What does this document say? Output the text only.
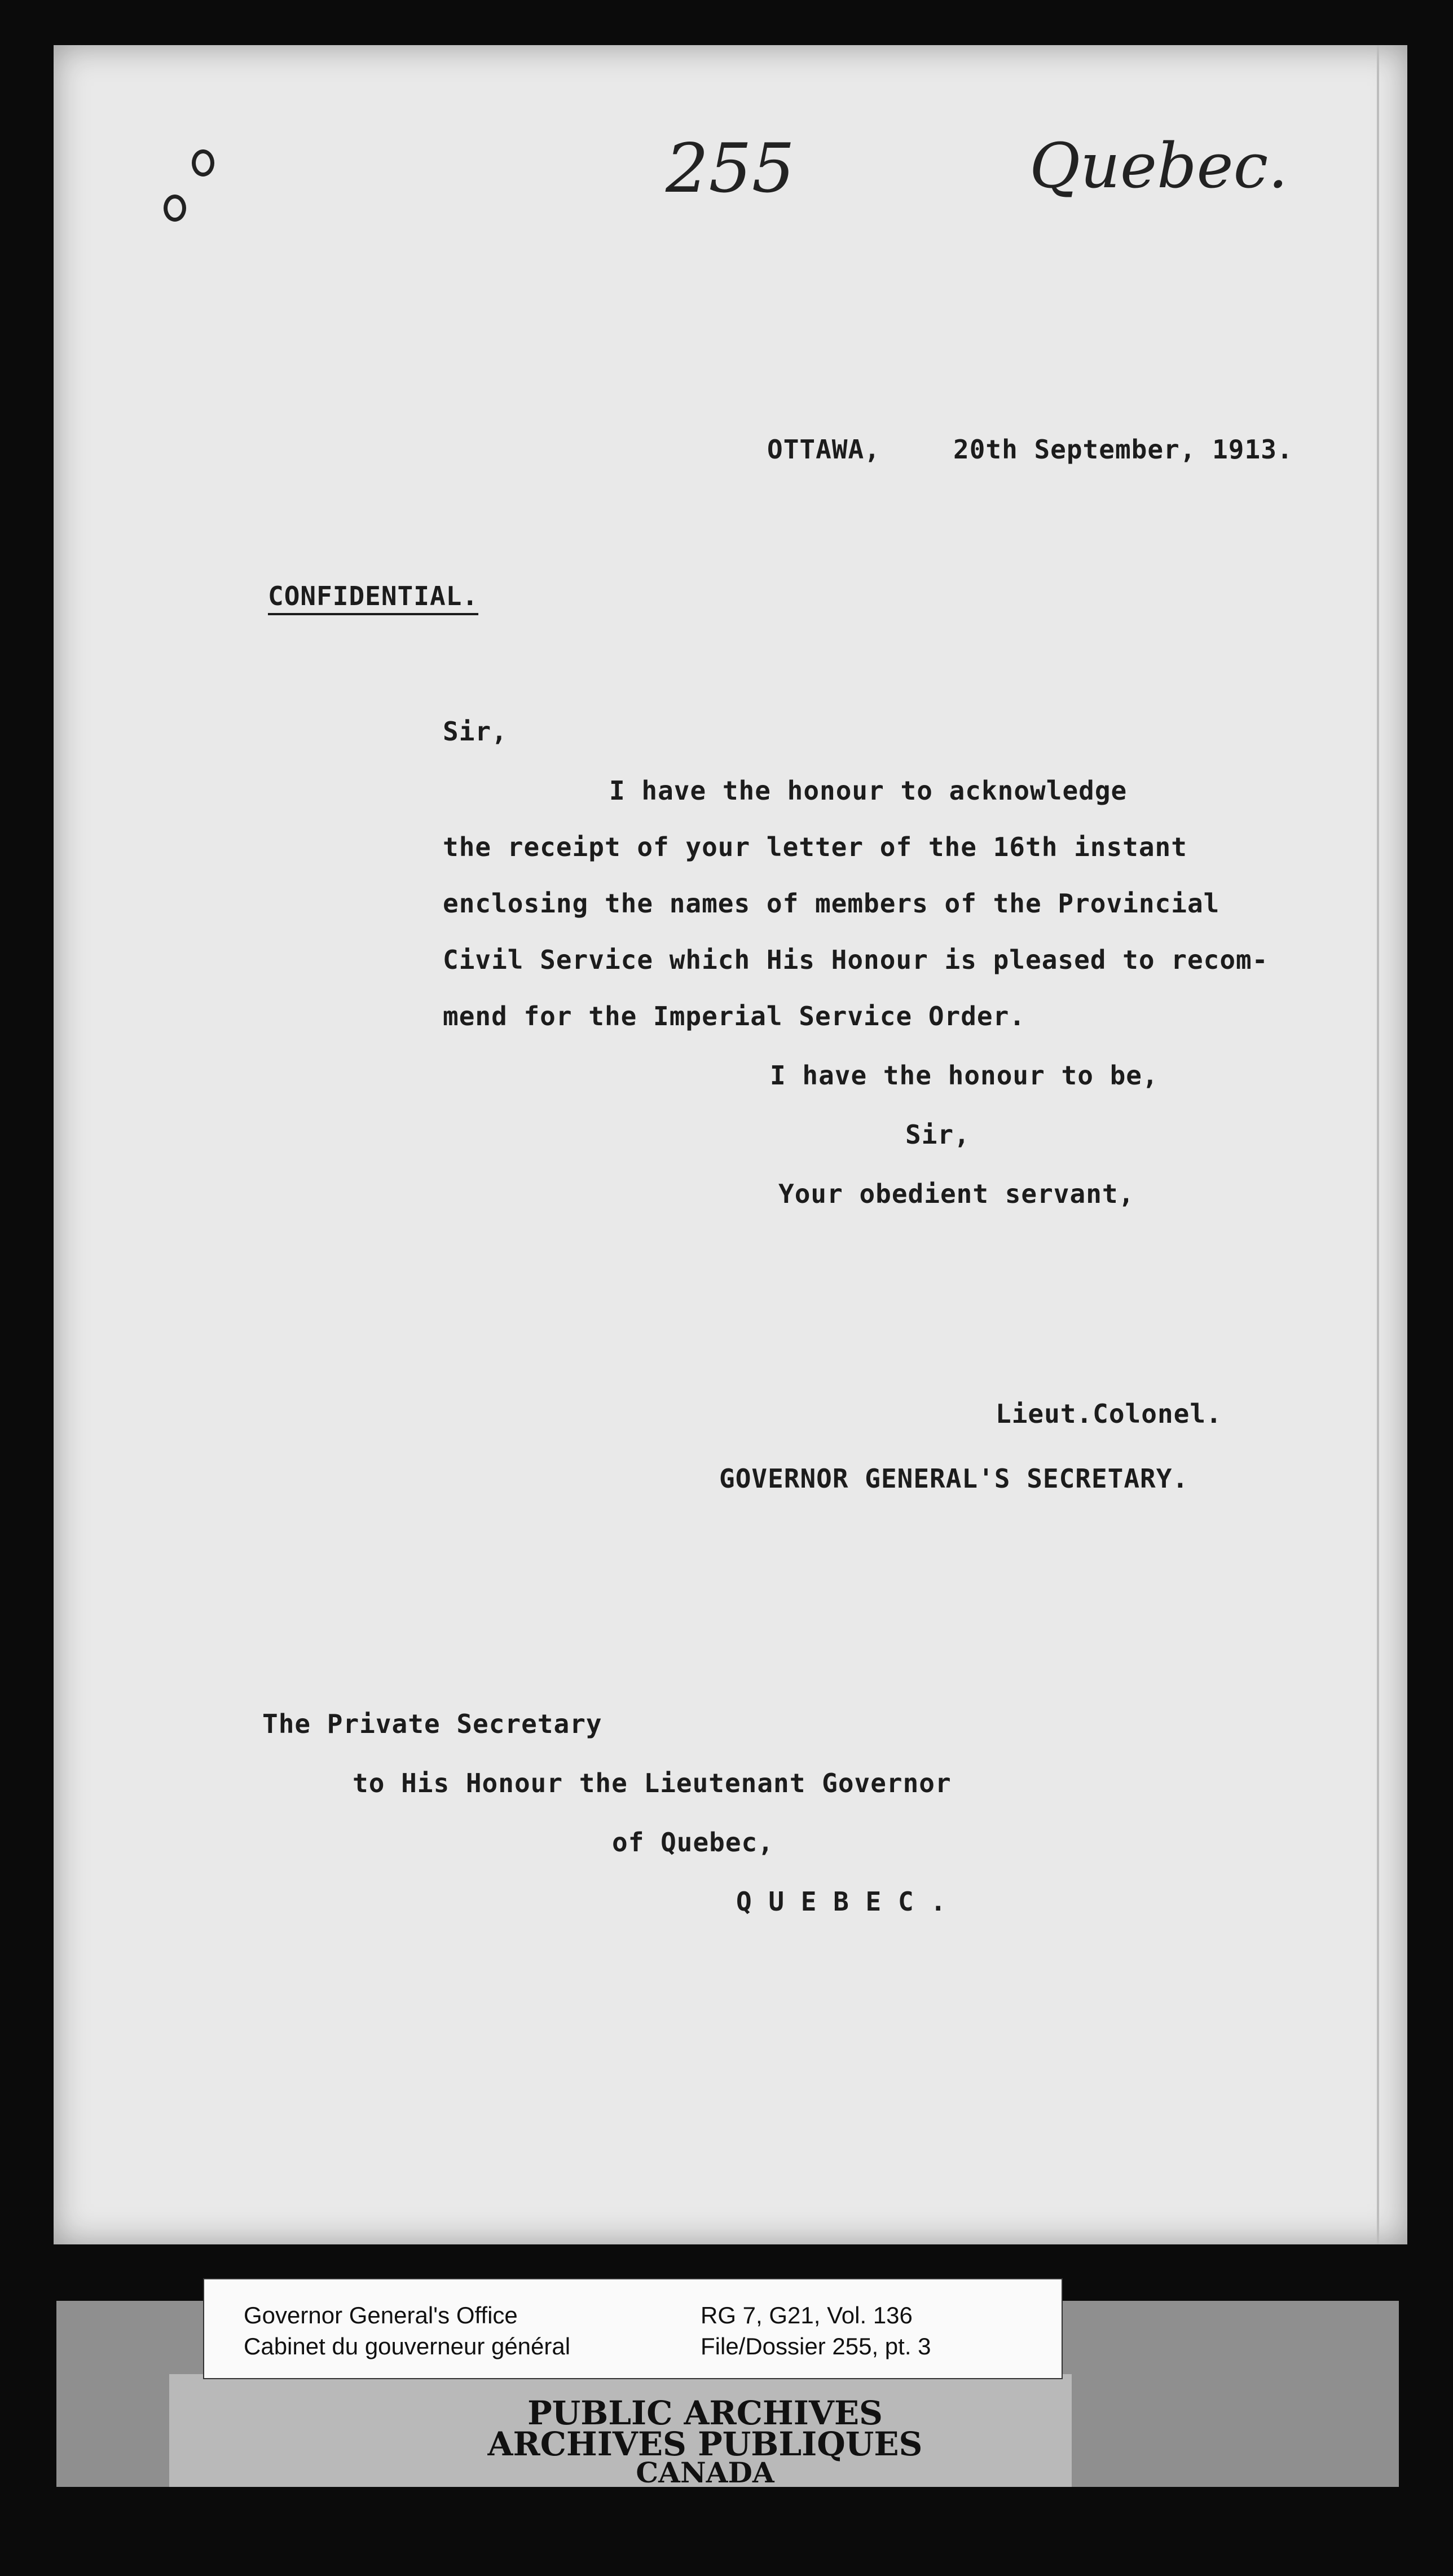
255	Quebec.
OTTAWA,	20th September, 1913.
CONFIDENTIAL.
Sir,
I have the honour to acknowledge
the receipt of your letter of the 16th instant
enclosing the names of members of the Provincial
Civil Service which His Honour is pleased to recom-
mend for the Imperial Service Order.
I have the honour to be,
Sir,
Your obedient servant,
Lieut.Colonel.
GOVERNOR GENERAL'S SECRETARY.
The Private Secretary
to His Honour the Lieutenant Governor
of Quebec,
Q U E B E C .
Governor General's Office
Cabinet du gouverneur général
RG 7, G21, Vol. 136
File/Dossier 255, pt. 3
PUBLIC ARCHIVES
ARCHIVES PUBLIQUES
CANADA
